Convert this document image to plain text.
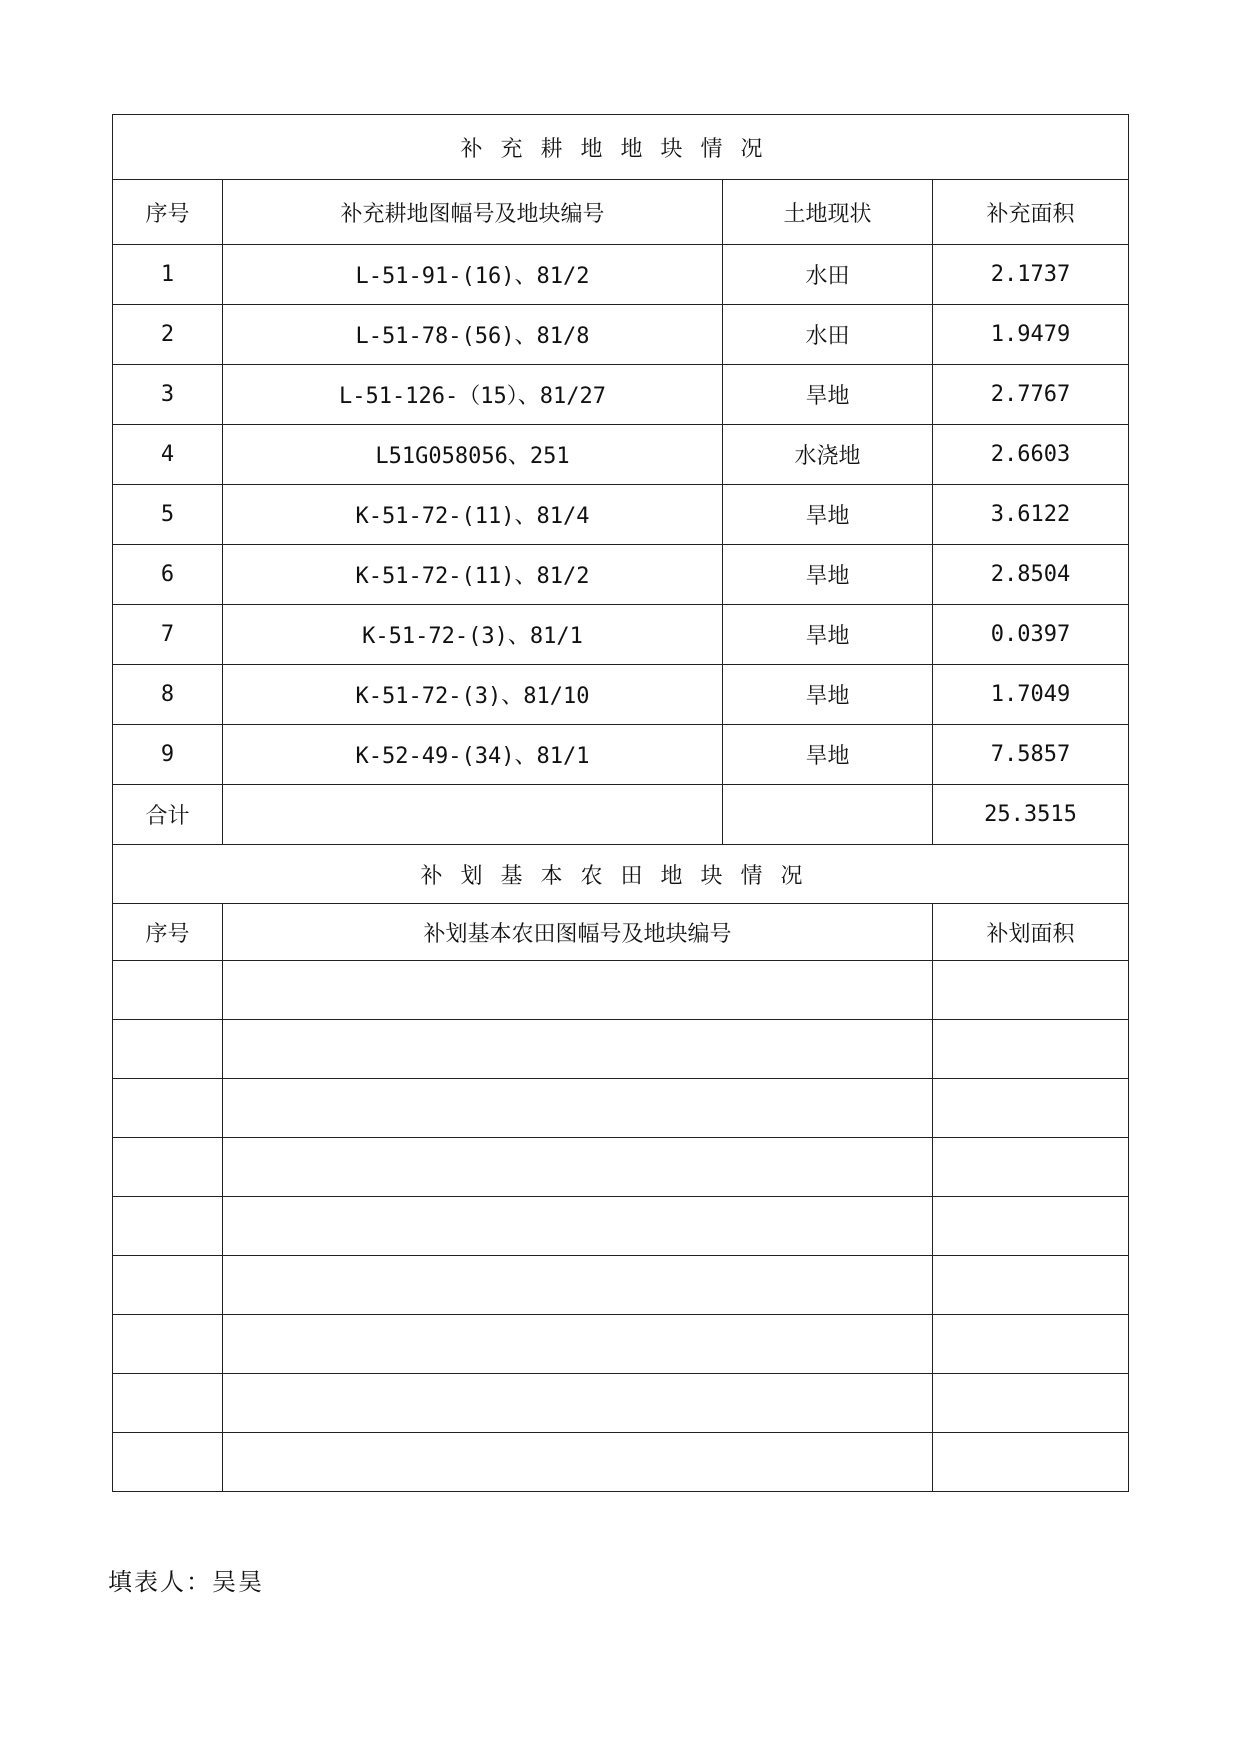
补充耕地地块情况			
序号	补充耕地图幅号及地块编号	土地现状	补充面积
1	L-51-91-(16)、81/2	水田	2.1737
2	L-51-78-(56)、81/8	水田	1.9479
3	L-51-126-（15）、81/27	旱地	2.7767
4	L51G058056、251	水浇地	2.6603
5	K-51-72-(11)、81/4	旱地	3.6122
6	K-51-72-(11)、81/2	旱地	2.8504
7	K-51-72-(3)、81/1	旱地	0.0397
8	K-51-72-(3)、81/10	旱地	1.7049
9	K-52-49-(34)、81/1	旱地	7.5857
合计			25.3515
补划基本农田地块情况			
序号	补划基本农田图幅号及地块编号		补划面积

填表人：吴昊
